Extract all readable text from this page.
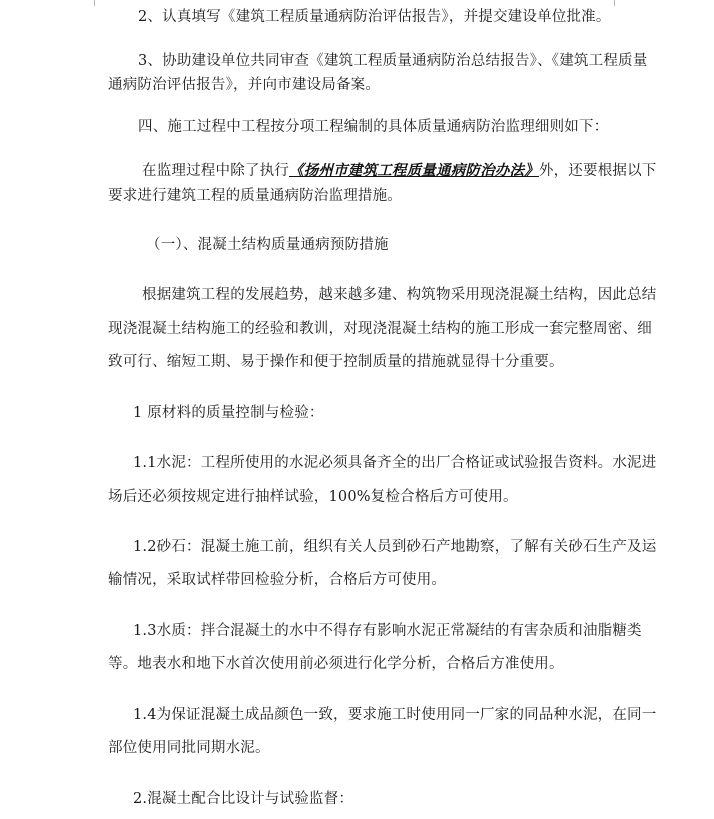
2、认真填写《建筑工程质量通病防治评估报告》，并提交建设单位批准。
3、协助建设单位共同审查《建筑工程质量通病防治总结报告》、《建筑工程质量
通病防治评估报告》，并向市建设局备案。
四、施工过程中工程按分项工程编制的具体质量通病防治监理细则如下：
在监理过程中除了执行《扬州市建筑工程质量通病防治办法》外，还要根据以下
要求进行建筑工程的质量通病防治监理措施。
（一）、混凝土结构质量通病预防措施
根据建筑工程的发展趋势，越来越多建、构筑物采用现浇混凝土结构，因此总结
现浇混凝土结构施工的经验和教训，对现浇混凝土结构的施工形成一套完整周密、细
致可行、缩短工期、易于操作和便于控制质量的措施就显得十分重要。
1 原材料的质量控制与检验：
1.1水泥：工程所使用的水泥必须具备齐全的出厂合格证或试验报告资料。水泥进
场后还必须按规定进行抽样试验，100%复检合格后方可使用。
1.2砂石：混凝土施工前，组织有关人员到砂石产地勘察，了解有关砂石生产及运
输情况，采取试样带回检验分析，合格后方可使用。
1.3水质：拌合混凝土的水中不得存有影响水泥正常凝结的有害杂质和油脂糖类
等。地表水和地下水首次使用前必须进行化学分析，合格后方准使用。
1.4为保证混凝土成品颜色一致，要求施工时使用同一厂家的同品种水泥，在同一
部位使用同批同期水泥。
2.混凝土配合比设计与试验监督：
